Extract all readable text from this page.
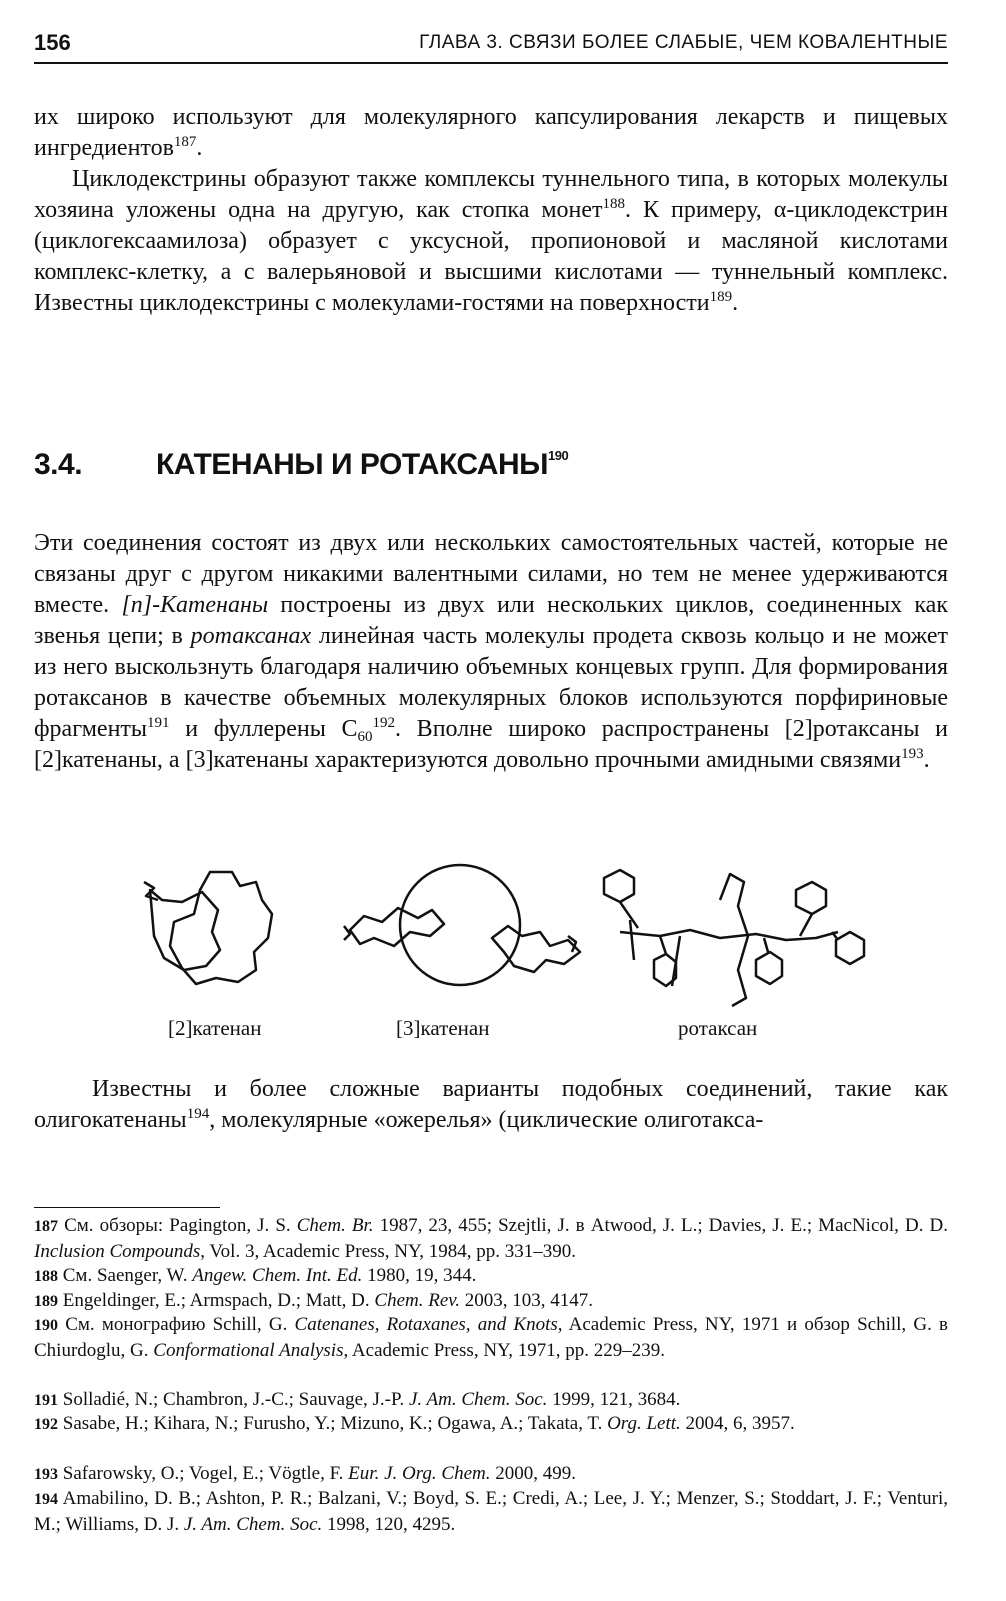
156	ГЛАВА 3. СВЯЗИ БОЛЕЕ СЛАБЫЕ, ЧЕМ КОВАЛЕНТНЫЕ

их широко используют для молекулярного капсулирования лекарств и пищевых ингредиентов$^{187}$.

Циклодекстрины образуют также комплексы туннельного типа, в которых молекулы хозяина уложены одна на другую, как стопка монет$^{188}$. К примеру, α-циклодекстрин (циклогексаамилоза) образует с уксусной, пропионовой и масляной кислотами комплекс-клетку, а с валерьяновой и высшими кислотами — туннельный комплекс. Известны циклодекстрины с молекулами-гостями на поверхности$^{189}$.

3.4. КАТЕНАНЫ И РОТАКСАНЫ$^{190}$

Эти соединения состоят из двух или нескольких самостоятельных частей, которые не связаны друг с другом никакими валентными силами, но тем не менее удерживаются вместе. [n]-Катенаны построены из двух или нескольких циклов, соединенных как звенья цепи; в ротаксанах линейная часть молекулы продета сквозь кольцо и не может из него выскользнуть благодаря наличию объемных концевых групп. Для формирования ротаксанов в качестве объемных молекулярных блоков используются порфириновые фрагменты$^{191}$ и фуллерены $C_{60}^{192}$. Вполне широко распространены [2]ротаксаны и [2]катенаны, а [3]катенаны характеризуются довольно прочными амидными связями$^{193}$.

[2]катенан	[3]катенан	ротаксан

Известны и более сложные варианты подобных соединений, такие как олигокатенаны$^{194}$, молекулярные «ожерелья» (циклические олиготакса-

187 См. обзоры: Pagington, J. S. Chem. Br. 1987, 23, 455; Szejtli, J. в Atwood, J. L.; Davies, J. E.; MacNicol, D. D. Inclusion Compounds, Vol. 3, Academic Press, NY, 1984, pp. 331–390.

188 См. Saenger, W. Angew. Chem. Int. Ed. 1980, 19, 344.

189 Engeldinger, E.; Armspach, D.; Matt, D. Chem. Rev. 2003, 103, 4147.

190 См. монографию Schill, G. Catenanes, Rotaxanes, and Knots, Academic Press, NY, 1971 и обзор Schill, G. в Chiurdoglu, G. Conformational Analysis, Academic Press, NY, 1971, pp. 229–239.

191 Solladié, N.; Chambron, J.-C.; Sauvage, J.-P. J. Am. Chem. Soc. 1999, 121, 3684.

192 Sasabe, H.; Kihara, N.; Furusho, Y.; Mizuno, K.; Ogawa, A.; Takata, T. Org. Lett. 2004, 6, 3957.

193 Safarowsky, O.; Vogel, E.; Vögtle, F. Eur. J. Org. Chem. 2000, 499.

194 Amabilino, D. B.; Ashton, P. R.; Balzani, V.; Boyd, S. E.; Credi, A.; Lee, J. Y.; Menzer, S.; Stoddart, J. F.; Venturi, M.; Williams, D. J. J. Am. Chem. Soc. 1998, 120, 4295.
